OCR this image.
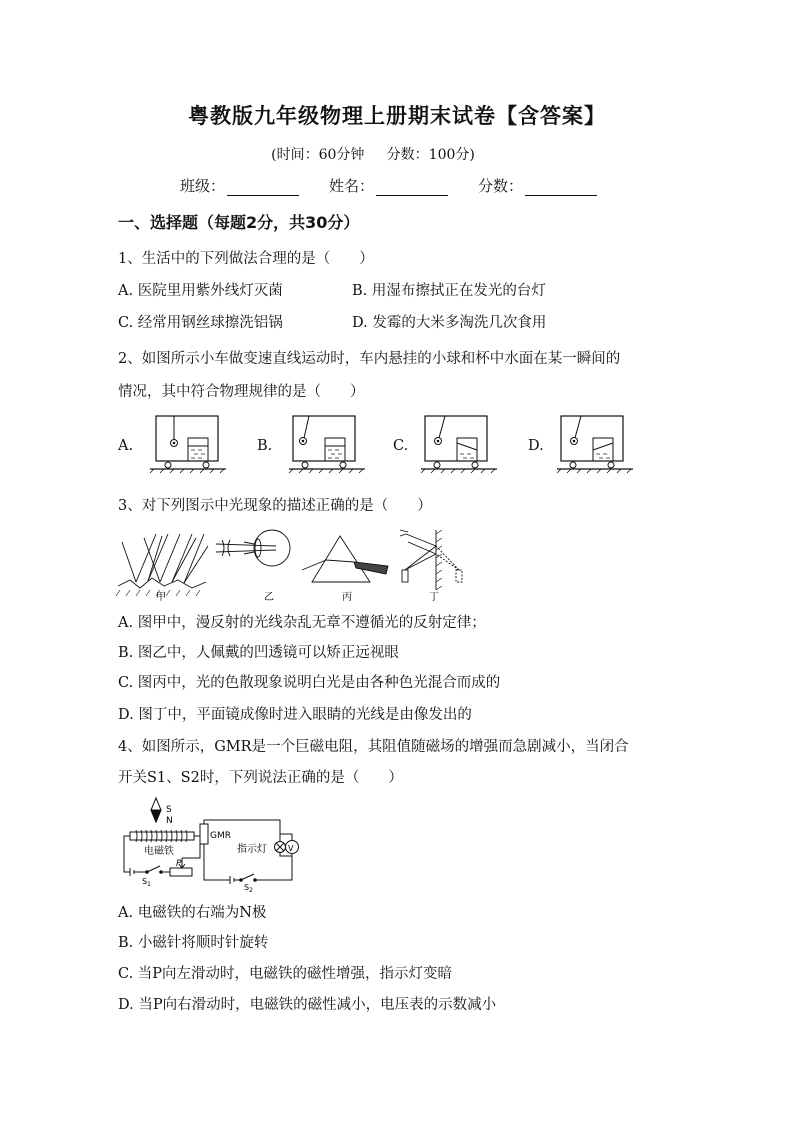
粤教版九年级物理上册期末试卷【含答案】
(时间：60分钟     分数：100分)
班级：	姓名：	分数：
一、选择题（每题2分，共30分）
1、生活中的下列做法合理的是（　　）
A. 医院里用紫外线灯灭菌	B. 用湿布擦拭正在发光的台灯
C. 经常用钢丝球擦洗铝锅	D. 发霉的大米多淘洗几次食用
2、如图所示小车做变速直线运动时，车内悬挂的小球和杯中水面在某一瞬间的
情况，其中符合物理规律的是（　　）
A.	B.	C.	D.
3、对下列图示中光现象的描述正确的是（　　）
甲	乙	丙	丁
A. 图甲中，漫反射的光线杂乱无章不遵循光的反射定律；
B. 图乙中，人佩戴的凹透镜可以矫正远视眼
C. 图丙中，光的色散现象说明白光是由各种色光混合而成的
D. 图丁中，平面镜成像时进入眼睛的光线是由像发出的
4、如图所示，GMR是一个巨磁电阻，其阻值随磁场的增强而急剧减小，当闭合
开关S1、S2时，下列说法正确的是（　　）
S
N
电磁铁
P
$S_1$
GMR
指示灯	V
$S_2$
A. 电磁铁的右端为N极
B. 小磁针将顺时针旋转
C. 当P向左滑动时，电磁铁的磁性增强，指示灯变暗
D. 当P向右滑动时，电磁铁的磁性减小，电压表的示数减小
